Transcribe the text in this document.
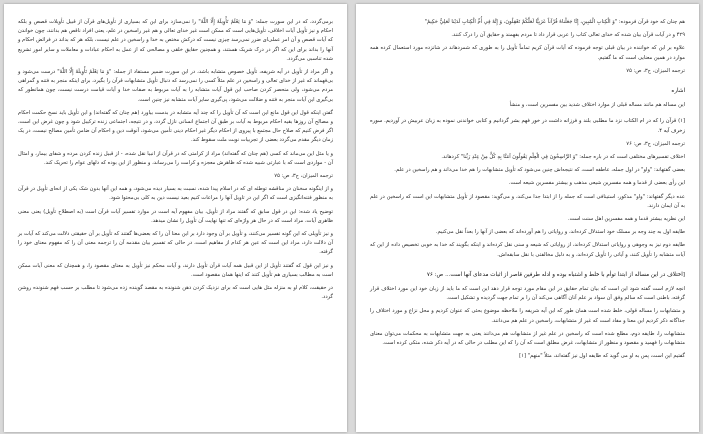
برمی‌گردد، که در این سورت جمله: "وَ مَا یَعْلَمُ تَأْوِیلَهُ إِلَّا اللَّهُ" را نمی‌سازد برای این که بسیاری از تأویل‌های قرآن از قبیل تأویلات قصص و بلکه احکام و نیز تأویل آیات اخلاقی، تأویل‌هایی است که ممکن است غیر خدای تعالی و هم غیر راسخین در علم، یعنی افراد ناقص هم بدانند، چون خواندن که آیات قصص و آن امر عملی‌ای ضرر نمی‌رسد چیزی نیست که درکش مختص به خدا و راسخین در علم نیست، بلکه هر که بداند در فرائض احکام و آنها را بداند برای این که اگر در درک شریک هستند، و همچنین حقایق خلقی و مصالحی که از عمل به احکام عبادات و معاملات و سایر امور تشریع شده تناسبی می‌گردد.

و اگر مراد از تأویل در آیه شریفه، تأویل خصوص متشابه باشد، در این سورت ضمیر مستفاد از جمله: "وَ مَا یَعْلَمُ تَأْوِیلَهُ إِلَّا اللَّهُ" درست می‌شود و بی‌فهماند که غیر از خدای تعالی و راسخین در علم مثلاً کسی را نمی‌رسد که دنبال تأویل متشابهات قرآن را بگیرد، برای اینکه منجر به فتنه و گمراهی مردم می‌شود، ولی منحصر کردن صاحب این قول آیات متشابه را به آیات مربوط به صفات خدا و آیات قیامت درست نیست، چون همانطور که بی‌گیری این آیات منجر به فتنه و ضلالت می‌شود، پی‌گیری سایر آیات متشابه نیز چنین است.

گفتن اینکه قول این قول مانع این است که آن تأویل را که چند آیه متشابه در بدست بیاورد (هم چنان که گفته‌اند) و این تأویل باید نسخ حکمت احکام و مصالح آن روزها بقیه احکام مربوط به آیات بر طبق آن اجتماع انسانی نازل گردد، و در نتیجه، اجتماعی زنده ترکیبل شود و چون غرض این است، اگر فرض کنیم که صلاح حال مجتمع با پیروی از احکام دیگر غیر احکام دینی تأمین می‌شود، آنوقت دین و احکام آن ضامن تأمین مصالح نیست، در یک زمان دیگر مقدم می‌گردد بعضی از تجربیات نوبت ملت سقوط کند.

و یا مثل این می‌ماند که کسی (هم چنان که گفته‌اند) مراد از کرامتی که در قرآن از انبیا نقل شده، - از قبیل زنده کردن مرده و شفای بیمار، و امثال آن - مواردی است که با عبارتی شبیه شده که ظاهرش معجزه و کرامت را می‌رساند، و منظور از این بوده که دلهای عوام را تحریک کند.

ترجمه المیزان، ج۳، ص: ۷۵

و از اینگونه سخنان در مناقشه توطئه ای که در اسلام پیدا شده، نسبت به بسیار دیده می‌شود، و همه این آنها بدون شک یکی از انحای تأویل در قرآن به منظور فتنه‌انگیزی است که اگر این در تاویل آنها را مراعات کنیم بعید نیست دین به کلی بی‌محتوا شود.

توضیح یاد شده: این در قول سابق که گفتند مراد از تأویل، بیان مفهوم آیه است در موارد تفسیر آیات قرآن است (به اصطلاح تأویل) یعنی معنی ظاهری آیات، مراد است که در حال هر واژه‌ای که تنها نهایت آن تأویل را نشان میدهد.

و نیز تأویلی که این گونه تفسیر می‌کنند، و تأویل بر آن وجود دارد بر این معنا آن را که بعضی‌ها گفتند که تأویل بر آن حقیقتی دلالت می‌کند که آیات بر آن دلالت دارد، مراد این است که عین هر کدام از مفاهیم است، در حالی که تفسیر بیان مقدمه آن را ترجمه معنی آن را که مفهوم معنای خود را گرفته.

و نیز این قول که گفتند تأویل از این قبیل همه آیات قرآن تأویل دارند، و آیات محکم نیز تأویل به معنای مقصود را، و همچنان که معنی آیات ممکن است به مطالب بسیاری هم تأویل کنند که اینها همان مقصود است.

در حقیقت، کلام او به منزله مثل هایی است که برای نزدیک کردن ذهن شنونده به مقصد گوینده زده می‌شود تا مطلب بر حسب فهم شنونده روشن گردد.

هم چنان که خود قرآن فرموده: "وَ الْكِتابِ الْمُبِينِ، إِنَّا جَعَلْناهُ قُرْآناً عَرَبِيًّا لَعَلَّكُمْ تَعْقِلُونَ، وَ إِنَّهُ فِي أُمِّ الْكِتابِ لَدَيْنا لَعَلِيٌّ حَكِيمٌ"

۴۲۹ و در آیات قرآن بیان شده که خدای تعالی کتاب را عربی قرار داد تا مردم بفهمند و حقایق آن را درک کنند.

علاوه بر این که خواننده در بیان قبلی توجه فرموده که آیات قرآن کریم تماماً تأویل را به طوری که شمردهاند در شانزده مورد استعمال کرده همه موارد در همین معنایی است که ما گفتیم.

ترجمه المیزان، ج۳، ص: ۷۵

اشاره

این مساله هم مانند مساله قبلی از موارد اختلاف شدید بین مفسرین است، و منشأ

[۱) قرآن را که در ام الکتاب نزد ما مطلبی بلند و فرزانه داشت در خور فهم بشر گردانیم و کتابی خواندنی نموده به زبان عربیش در آوردیم. سوره زخرف آیه ۴.

ترجمه المیزان، ج۳، ص: ۷۶

اختلاف تفسیرهای مختلفی است که در باره جمله: "وَ الرَّاسِخُونَ فِي الْعِلْمِ يَقُولُونَ آمَنَّا بِهِ كُلٌّ مِنْ عِنْدِ رَبِّنا" کردهاند.

بعضی گفتهاند: "واو" در اول جمله، عاطفه است، که نتیجه‌اش چنین می‌شود که تأویل متشابهات را هم خدا می‌داند و هم راسخین در علم.

این رأی بعضی از قدما و همه مفسرین شیعی مذهب و بیشتر مفسرین شیعه است.

عده دیگر گفتهاند: "واو" مذکور، استینافی است که جمله را از ابتدا جدا می‌کند، و می‌گوید: مقصود از تأویل متشابهات این است که راسخین در علم به آن ایمان دارند.

این نظریه بیشتر قدما و همه مفسرین اهل سنت است.

طایفه اول به چند وجه بر مسلک خود استدلال کرده‌اند، و روایاتی را هم آورده‌اند که بعضی از آنها را بعداً نقل می‌کنیم.

طایفه دوم نیز به وجوهی و روایاتی استدلال کرده‌اند، از روایاتی که شیعه و سنی نقل کرده‌اند و اینکه بگویند که خدا به خوبی تخصیص داده از این که آیات متشابه را تأویل کنند، و آیاتی را تأویل کرده‌اند، و به دلیل مخالفتی با نقل سابقه‌اش.

[اختلاف در این مساله از ابتدا توأم با خلط و اشتباه بوده و ادله طرفین قاصر از اثبات مدعای آنها است... ص: ۷۶

انچه لازم است گفته شود این است که بیان تمام حقایق در این مقام مورد توجه قرار دهد این است که ما باید از زبان خود این مورد اختلاف قرار گرفته، باطنی است که سالم وفق آن سواد بر علم آنان آگاهی می‌کند آن را بر تمام جهت گردیده و تشکیل است.

و متشابهات را مساله قولی، خلط شده است همان طور که این آیه شریفه را ملاحظه موضوع بحثی که عنوان کردیم و محل نزاع و مورد اختلاف را جداگانه ذکر کردیم این معنا و مفاد است که غیر از متشابهات، راسخین در علم هم می‌دانند.

متشابهات را، طایفه دوم، مطلع شده است که راسخین در علم غیر از متشابهات هم می‌دانند یعنی به جهت متشابهات به محکمات می‌توان معنای متشابهات را فهمید و مقصود و منظور از متشابهات، غرض مطلق است که آن را که این مطلب در حالی که در آیه ذکر شده، متکی کرده است.

گفتیم این است، پس به او می گوید که طایفه اول نیز گفته‌اند، مثلاً "منهم" [۱]
